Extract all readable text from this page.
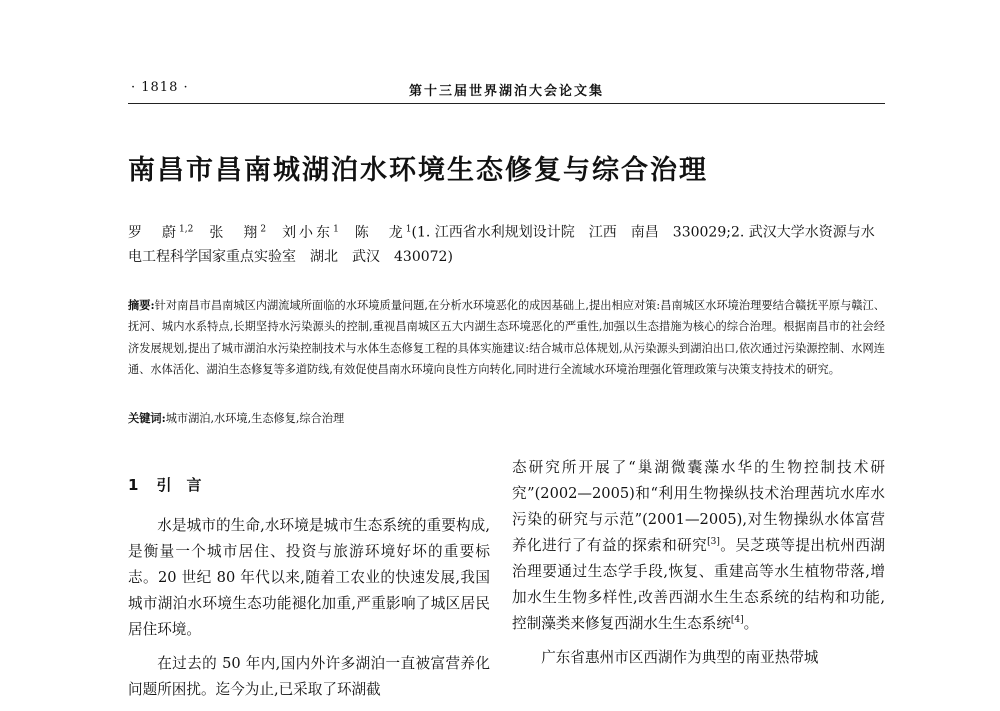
· 1818 ·	第十三届世界湖泊大会论文集
南昌市昌南城湖泊水环境生态修复与综合治理
罗　蔚$^{1,2}$ 张　翔$^2$ 刘小东$^1$ 陈　龙$^1$(1. 江西省水利规划设计院　江西　南昌　330029;2. 武汉大学水资源与水电工程科学国家重点实验室　湖北　武汉　430072)
摘要:针对南昌市昌南城区内湖流域所面临的水环境质量问题,在分析水环境恶化的成因基础上,提出相应对策:昌南城区水环境治理要结合赣抚平原与赣江、抚河、城内水系特点,长期坚持水污染源头的控制,重视昌南城区五大内湖生态环境恶化的严重性,加强以生态措施为核心的综合治理。根据南昌市的社会经济发展规划,提出了城市湖泊水污染控制技术与水体生态修复工程的具体实施建议:结合城市总体规划,从污染源头到湖泊出口,依次通过污染源控制、水网连通、水体活化、湖泊生态修复等多道防线,有效促使昌南水环境向良性方向转化,同时进行全流域水环境治理强化管理政策与决策支持技术的研究。
关键词:城市湖泊,水环境,生态修复,综合治理
1 引　言

水是城市的生命,水环境是城市生态系统的重要构成,是衡量一个城市居住、投资与旅游环境好坏的重要标志。20 世纪 80 年代以来,随着工农业的快速发展,我国城市湖泊水环境生态功能褪化加重,严重影响了城区居民居住环境。

在过去的 50 年内,国内外许多湖泊一直被富营养化问题所困扰。迄今为止,已采取了环湖截

态研究所开展了“巢湖微囊藻水华的生物控制技术研究”(2002—2005)和“利用生物操纵技术治理茜坑水库水污染的研究与示范”(2001—2005),对生物操纵水体富营养化进行了有益的探索和研究[3]。吴芝瑛等提出杭州西湖治理要通过生态学手段,恢复、重建高等水生植物带落,增加水生生物多样性,改善西湖水生生态系统的结构和功能,控制藻类来修复西湖水生生态系统[4]。

广东省惠州市区西湖作为典型的南亚热带城
